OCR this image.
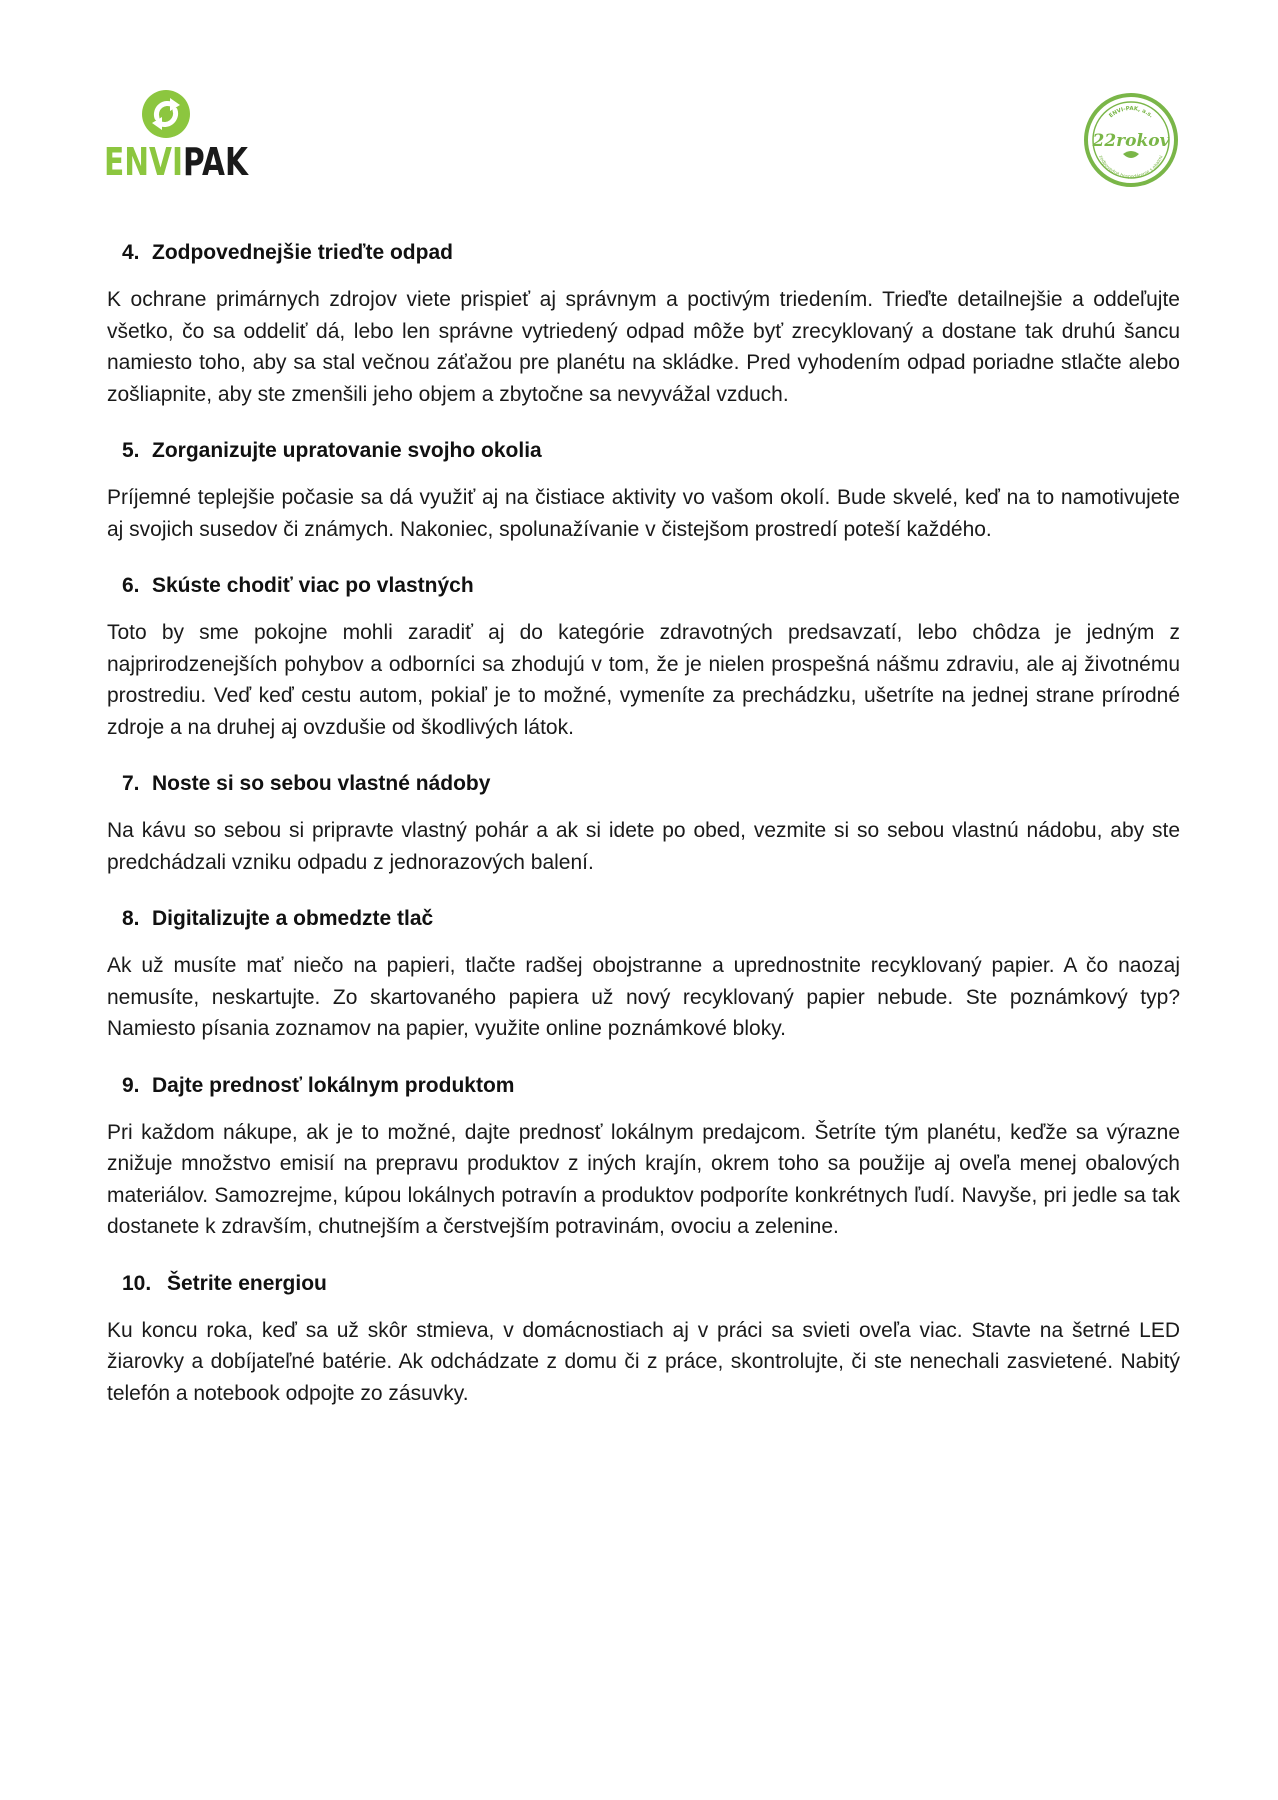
ENVIPAK
ENVI-PAK, a.s.
22rokov
zodpovedné hospodárenie s obalmi
4. Zodpovednejšie trieďte odpad

K ochrane primárnych zdrojov viete prispieť aj správnym a poctivým triedením. Trieďte detailnejšie a oddeľujte všetko, čo sa oddeliť dá, lebo len správne vytriedený odpad môže byť zrecyklovaný a dostane tak druhú šancu namiesto toho, aby sa stal večnou záťažou pre planétu na skládke. Pred vyhodením odpad poriadne stlačte alebo zošliapnite, aby ste zmenšili jeho objem a zbytočne sa nevyvážal vzduch.

5. Zorganizujte upratovanie svojho okolia

Príjemné teplejšie počasie sa dá využiť aj na čistiace aktivity vo vašom okolí. Bude skvelé, keď na to namotivujete aj svojich susedov či známych. Nakoniec, spolunažívanie v čistejšom prostredí poteší každého.

6. Skúste chodiť viac po vlastných

Toto by sme pokojne mohli zaradiť aj do kategórie zdravotných predsavzatí, lebo chôdza je jedným z najprirodzenejších pohybov a odborníci sa zhodujú v tom, že je nielen prospešná nášmu zdraviu, ale aj životnému prostrediu. Veď keď cestu autom, pokiaľ je to možné, vymeníte za prechádzku, ušetríte na jednej strane prírodné zdroje a na druhej aj ovzdušie od škodlivých látok.

7. Noste si so sebou vlastné nádoby

Na kávu so sebou si pripravte vlastný pohár a ak si idete po obed, vezmite si so sebou vlastnú nádobu, aby ste predchádzali vzniku odpadu z jednorazových balení.

8. Digitalizujte a obmedzte tlač

Ak už musíte mať niečo na papieri, tlačte radšej obojstranne a uprednostnite recyklovaný papier. A čo naozaj nemusíte, neskartujte. Zo skartovaného papiera už nový recyklovaný papier nebude. Ste poznámkový typ? Namiesto písania zoznamov na papier, využite online poznámkové bloky.

9. Dajte prednosť lokálnym produktom

Pri každom nákupe, ak je to možné, dajte prednosť lokálnym predajcom. Šetríte tým planétu, keďže sa výrazne znižuje množstvo emisií na prepravu produktov z iných krajín, okrem toho sa použije aj oveľa menej obalových materiálov. Samozrejme, kúpou lokálnych potravín a produktov podporíte konkrétnych ľudí. Navyše, pri jedle sa tak dostanete k zdravším, chutnejším a čerstvejším potravinám, ovociu a zelenine.

10. Šetrite energiou

Ku koncu roka, keď sa už skôr stmieva, v domácnostiach aj v práci sa svieti oveľa viac. Stavte na šetrné LED žiarovky a dobíjateľné batérie. Ak odchádzate z domu či z práce, skontrolujte, či ste nenechali zasvietené. Nabitý telefón a notebook odpojte zo zásuvky.
